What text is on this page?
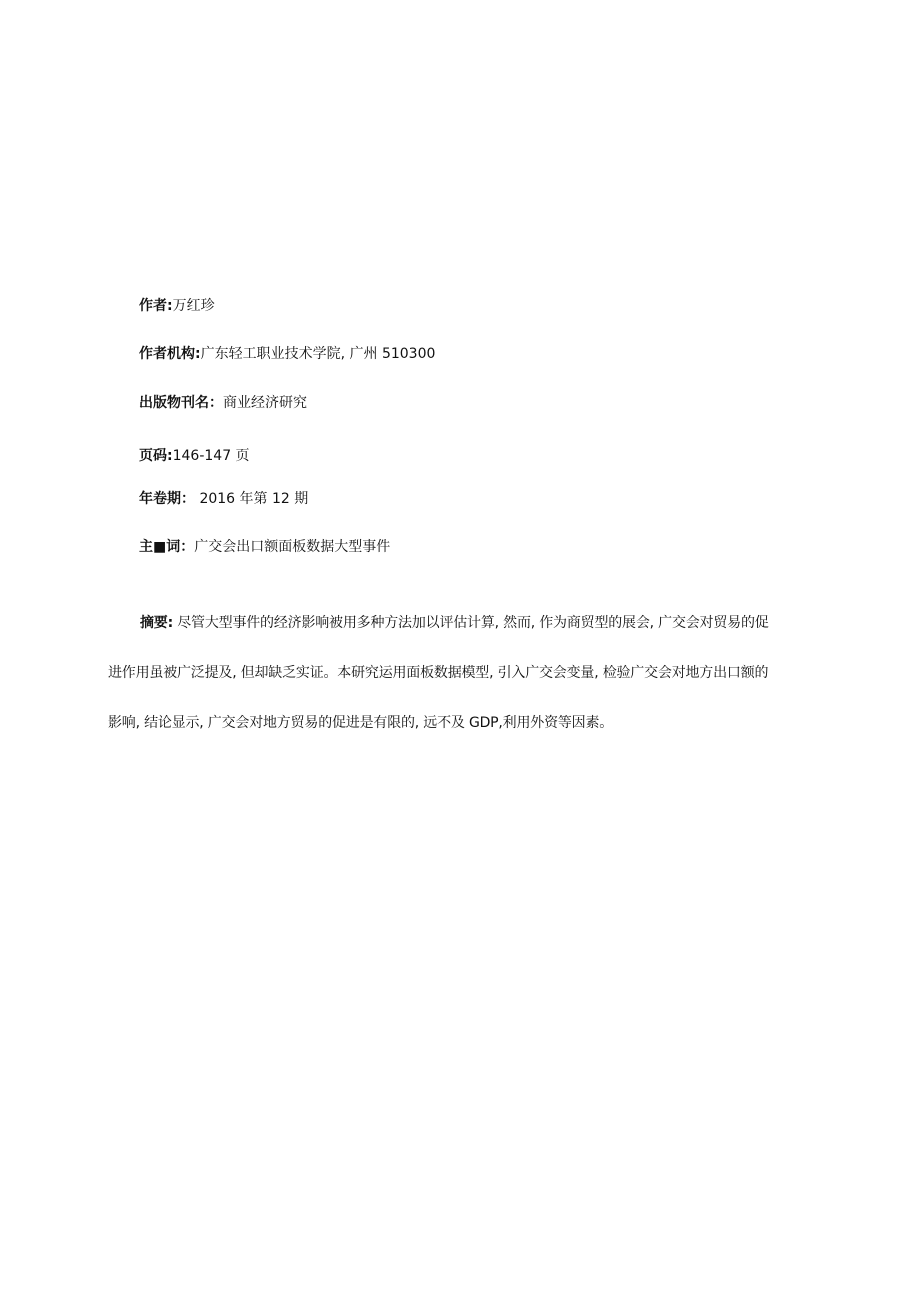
作者:万红珍
作者机构:广东轻工职业技术学院, 广州 510300
出版物刊名：商业经济研究
页码:146-147 页
年卷期： 2016 年第 12 期
主■词：广交会出口额面板数据大型事件
摘要: 尽管大型事件的经济影响被用多种方法加以评估计算, 然而, 作为商贸型的展会, 广交会对贸易的促
进作用虽被广泛提及, 但却缺乏实证。本研究运用面板数据模型, 引入广交会变量, 检验广交会对地方出口额的
影响, 结论显示, 广交会对地方贸易的促进是有限的, 远不及 GDP,利用外资等因素。
